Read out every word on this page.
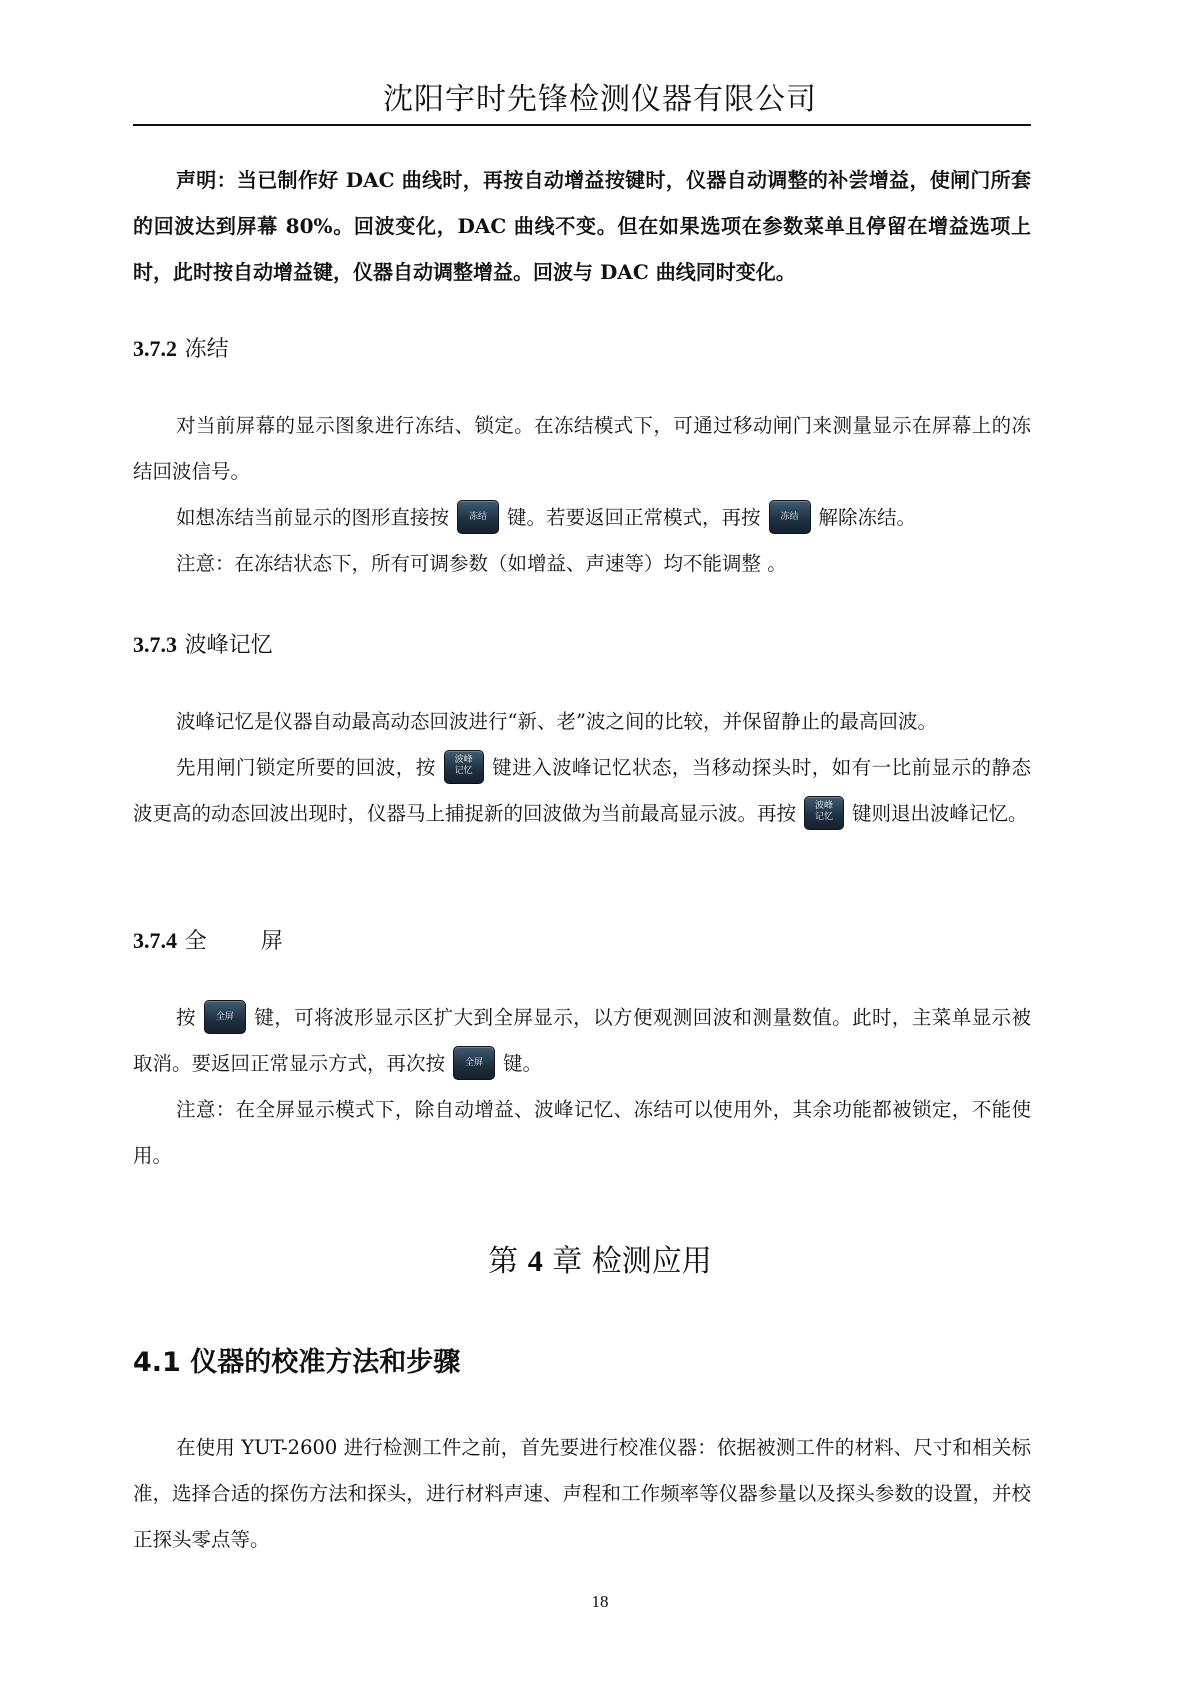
沈阳宇时先锋检测仪器有限公司

声明：当已制作好 DAC 曲线时，再按自动增益按键时，仪器自动调整的补尝增益，使闸门所套的回波达到屏幕 80%。回波变化，DAC 曲线不变。但在如果选项在参数菜单且停留在增益选项上时，此时按自动增益键，仪器自动调整增益。回波与 DAC 曲线同时变化。

3.7.2 冻结

对当前屏幕的显示图象进行冻结、锁定。在冻结模式下，可通过移动闸门来测量显示在屏幕上的冻结回波信号。

如想冻结当前显示的图形直接按 冻结 键。若要返回正常模式，再按 冻结 解除冻结。

注意：在冻结状态下，所有可调参数（如增益、声速等）均不能调整 。

3.7.3 波峰记忆

波峰记忆是仪器自动最高动态回波进行“新、老”波之间的比较，并保留静止的最高回波。

先用闸门锁定所要的回波，按	波峰
记忆 键进入波峰记忆状态，当移动探头时，如有一比前显示的静态波更高的动态回波出现时，仪器马上捕捉新的回波做为当前最高显示波。再按	波峰
记忆 键则退出波峰记忆。

3.7.4 全 屏

按 全屏 键，可将波形显示区扩大到全屏显示，以方便观测回波和测量数值。此时，主菜单显示被取消。要返回正常显示方式，再次按 全屏 键。

注意：在全屏显示模式下，除自动增益、波峰记忆、冻结可以使用外，其余功能都被锁定，不能使用。

第 4 章 检测应用
4.1 仪器的校准方法和步骤

在使用 YUT-2600 进行检测工件之前，首先要进行校准仪器：依据被测工件的材料、尺寸和相关标准，选择合适的探伤方法和探头，进行材料声速、声程和工作频率等仪器参量以及探头参数的设置，并校正探头零点等。

18
